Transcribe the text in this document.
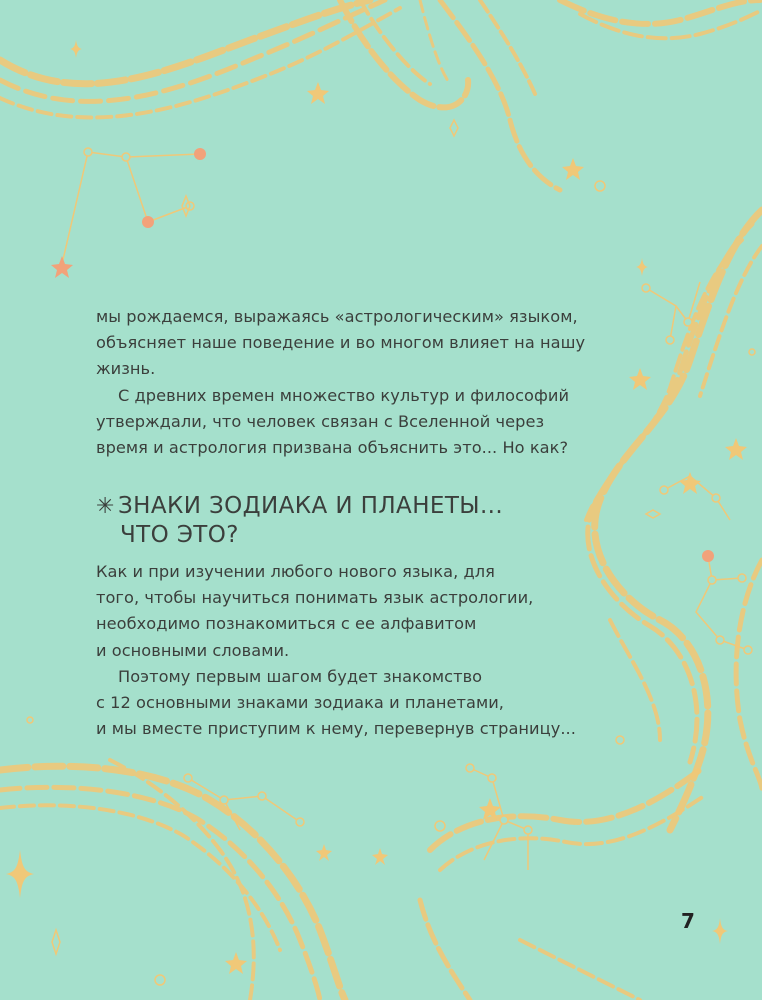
мы рождаемся, выражаясь «астрологическим» языком,

объясняет наше поведение и во многом влияет на нашу

жизнь.

С древних времен множество культур и философий

утверждали, что человек связан с Вселенной через

время и астрология призвана объяснить это... Но как?

✳ ЗНАКИ ЗОДИАКА И ПЛАНЕТЫ...
ЧТО ЭТО?

Как и при изучении любого нового языка, для

того, чтобы научиться понимать язык астрологии,

необходимо познакомиться с ее алфавитом

и основными словами.

Поэтому первым шагом будет знакомство

с 12 основными знаками зодиака и планетами,

и мы вместе приступим к нему, перевернув страницу...

7
